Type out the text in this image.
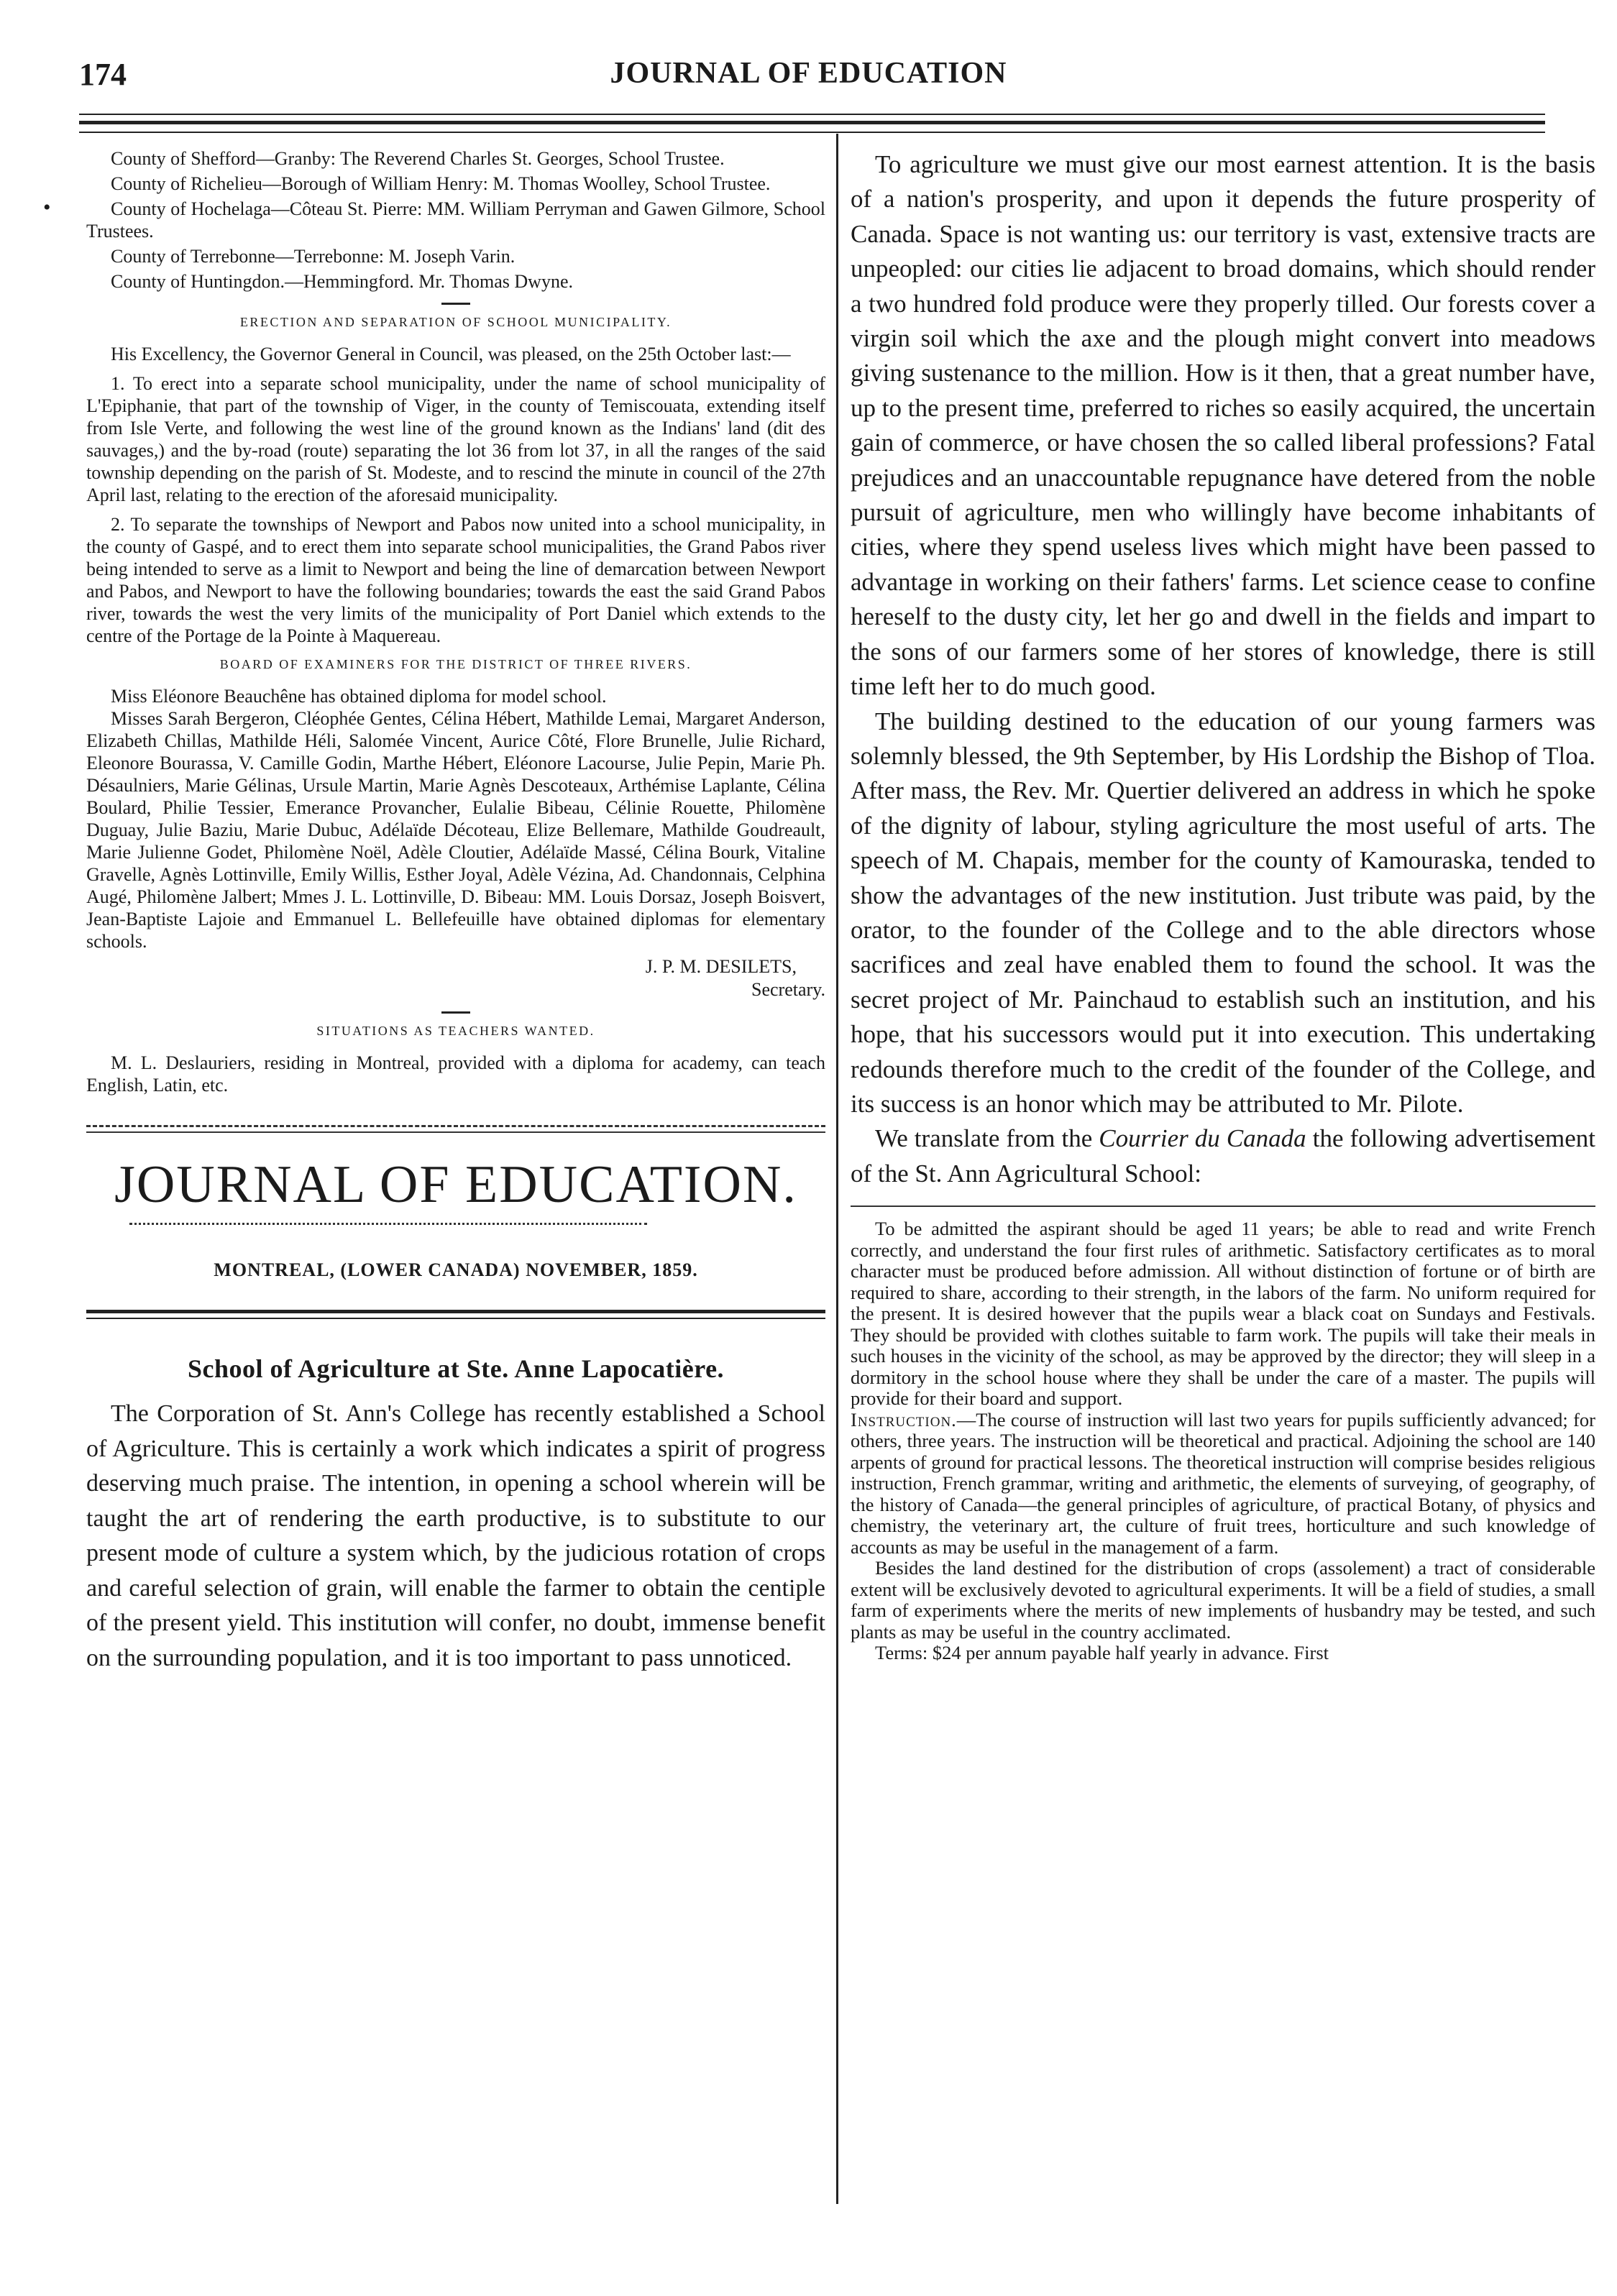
174	JOURNAL OF EDUCATION
•

County of Shefford—Granby: The Reverend Charles St. Georges, School Trustee.

County of Richelieu—Borough of William Henry: M. Thomas Woolley, School Trustee.

County of Hochelaga—Côteau St. Pierre: MM. William Perryman and Gawen Gilmore, School Trustees.

County of Terrebonne—Terrebonne: M. Joseph Varin.

County of Huntingdon.—Hemmingford. Mr. Thomas Dwyne.

ERECTION AND SEPARATION OF SCHOOL MUNICIPALITY.

His Excellency, the Governor General in Council, was pleased, on the 25th October last:—

1. To erect into a separate school municipality, under the name of school municipality of L'Epiphanie, that part of the township of Viger, in the county of Temiscouata, extending itself from Isle Verte, and following the west line of the ground known as the Indians' land (dit des sauvages,) and the by-road (route) separating the lot 36 from lot 37, in all the ranges of the said township depending on the parish of St. Modeste, and to rescind the minute in council of the 27th April last, relating to the erection of the aforesaid municipality.

2. To separate the townships of Newport and Pabos now united into a school municipality, in the county of Gaspé, and to erect them into separate school municipalities, the Grand Pabos river being intended to serve as a limit to Newport and being the line of demarcation between Newport and Pabos, and Newport to have the following boundaries; towards the east the said Grand Pabos river, towards the west the very limits of the municipality of Port Daniel which extends to the centre of the Portage de la Pointe à Maquereau.

BOARD OF EXAMINERS FOR THE DISTRICT OF THREE RIVERS.

Miss Eléonore Beauchêne has obtained diploma for model school.

Misses Sarah Bergeron, Cléophée Gentes, Célina Hébert, Mathilde Lemai, Margaret Anderson, Elizabeth Chillas, Mathilde Héli, Salomée Vincent, Aurice Côté, Flore Brunelle, Julie Richard, Eleonore Bourassa, V. Camille Godin, Marthe Hébert, Eléonore Lacourse, Julie Pepin, Marie Ph. Désaulniers, Marie Gélinas, Ursule Martin, Marie Agnès Descoteaux, Arthémise Laplante, Célina Boulard, Philie Tessier, Emerance Provancher, Eulalie Bibeau, Célinie Rouette, Philomène Duguay, Julie Baziu, Marie Dubuc, Adélaïde Décoteau, Elize Bellemare, Mathilde Goudreault, Marie Julienne Godet, Philomène Noël, Adèle Cloutier, Adélaïde Massé, Célina Bourk, Vitaline Gravelle, Agnès Lottinville, Emily Willis, Esther Joyal, Adèle Vézina, Ad. Chandonnais, Celphina Augé, Philomène Jalbert; Mmes J. L. Lottinville, D. Bibeau: MM. Louis Dorsaz, Joseph Boisvert, Jean-Baptiste Lajoie and Emmanuel L. Bellefeuille have obtained diplomas for elementary schools.

J. P. M. DESILETS,
Secretary.
SITUATIONS AS TEACHERS WANTED.

M. L. Deslauriers, residing in Montreal, provided with a diploma for academy, can teach English, Latin, etc.

JOURNAL OF EDUCATION.
MONTREAL, (LOWER CANADA) NOVEMBER, 1859.
School of Agriculture at Ste. Anne Lapocatière.

The Corporation of St. Ann's College has recently established a School of Agriculture. This is certainly a work which indicates a spirit of progress deserving much praise. The intention, in opening a school wherein will be taught the art of rendering the earth productive, is to substitute to our present mode of culture a system which, by the judicious rotation of crops and careful selection of grain, will enable the farmer to obtain the centiple of the present yield. This institution will confer, no doubt, immense benefit on the surrounding population, and it is too important to pass unnoticed.

To agriculture we must give our most earnest attention. It is the basis of a nation's prosperity, and upon it depends the future prosperity of Canada. Space is not wanting us: our territory is vast, extensive tracts are unpeopled: our cities lie adjacent to broad domains, which should render a two hundred fold produce were they properly tilled. Our forests cover a virgin soil which the axe and the plough might convert into meadows giving sustenance to the million. How is it then, that a great number have, up to the present time, preferred to riches so easily acquired, the uncertain gain of commerce, or have chosen the so called liberal professions? Fatal prejudices and an unaccountable repugnance have detered from the noble pursuit of agriculture, men who willingly have become inhabitants of cities, where they spend useless lives which might have been passed to advantage in working on their fathers' farms. Let science cease to confine hereself to the dusty city, let her go and dwell in the fields and impart to the sons of our farmers some of her stores of knowledge, there is still time left her to do much good.

The building destined to the education of our young farmers was solemnly blessed, the 9th September, by His Lordship the Bishop of Tloa. After mass, the Rev. Mr. Quertier delivered an address in which he spoke of the dignity of labour, styling agriculture the most useful of arts. The speech of M. Chapais, member for the county of Kamouraska, tended to show the advantages of the new institution. Just tribute was paid, by the orator, to the founder of the College and to the able directors whose sacrifices and zeal have enabled them to found the school. It was the secret project of Mr. Painchaud to establish such an institution, and his hope, that his successors would put it into execution. This undertaking redounds therefore much to the credit of the founder of the College, and its success is an honor which may be attributed to Mr. Pilote.

We translate from the Courrier du Canada the following advertisement of the St. Ann Agricultural School:

To be admitted the aspirant should be aged 11 years; be able to read and write French correctly, and understand the four first rules of arithmetic. Satisfactory certificates as to moral character must be produced before admission. All without distinction of fortune or of birth are required to share, according to their strength, in the labors of the farm. No uniform required for the present. It is desired however that the pupils wear a black coat on Sundays and Festivals. They should be provided with clothes suitable to farm work. The pupils will take their meals in such houses in the vicinity of the school, as may be approved by the director; they will sleep in a dormitory in the school house where they shall be under the care of a master. The pupils will provide for their board and support.

Instruction.—The course of instruction will last two years for pupils sufficiently advanced; for others, three years. The instruction will be theoretical and practical. Adjoining the school are 140 arpents of ground for practical lessons. The theoretical instruction will comprise besides religious instruction, French grammar, writing and arithmetic, the elements of surveying, of geography, of the history of Canada—the general principles of agriculture, of practical Botany, of physics and chemistry, the veterinary art, the culture of fruit trees, horticulture and such knowledge of accounts as may be useful in the management of a farm.

Besides the land destined for the distribution of crops (assolement) a tract of considerable extent will be exclusively devoted to agricultural experiments. It will be a field of studies, a small farm of experiments where the merits of new implements of husbandry may be tested, and such plants as may be useful in the country acclimated.

Terms: $24 per annum payable half yearly in advance. First
